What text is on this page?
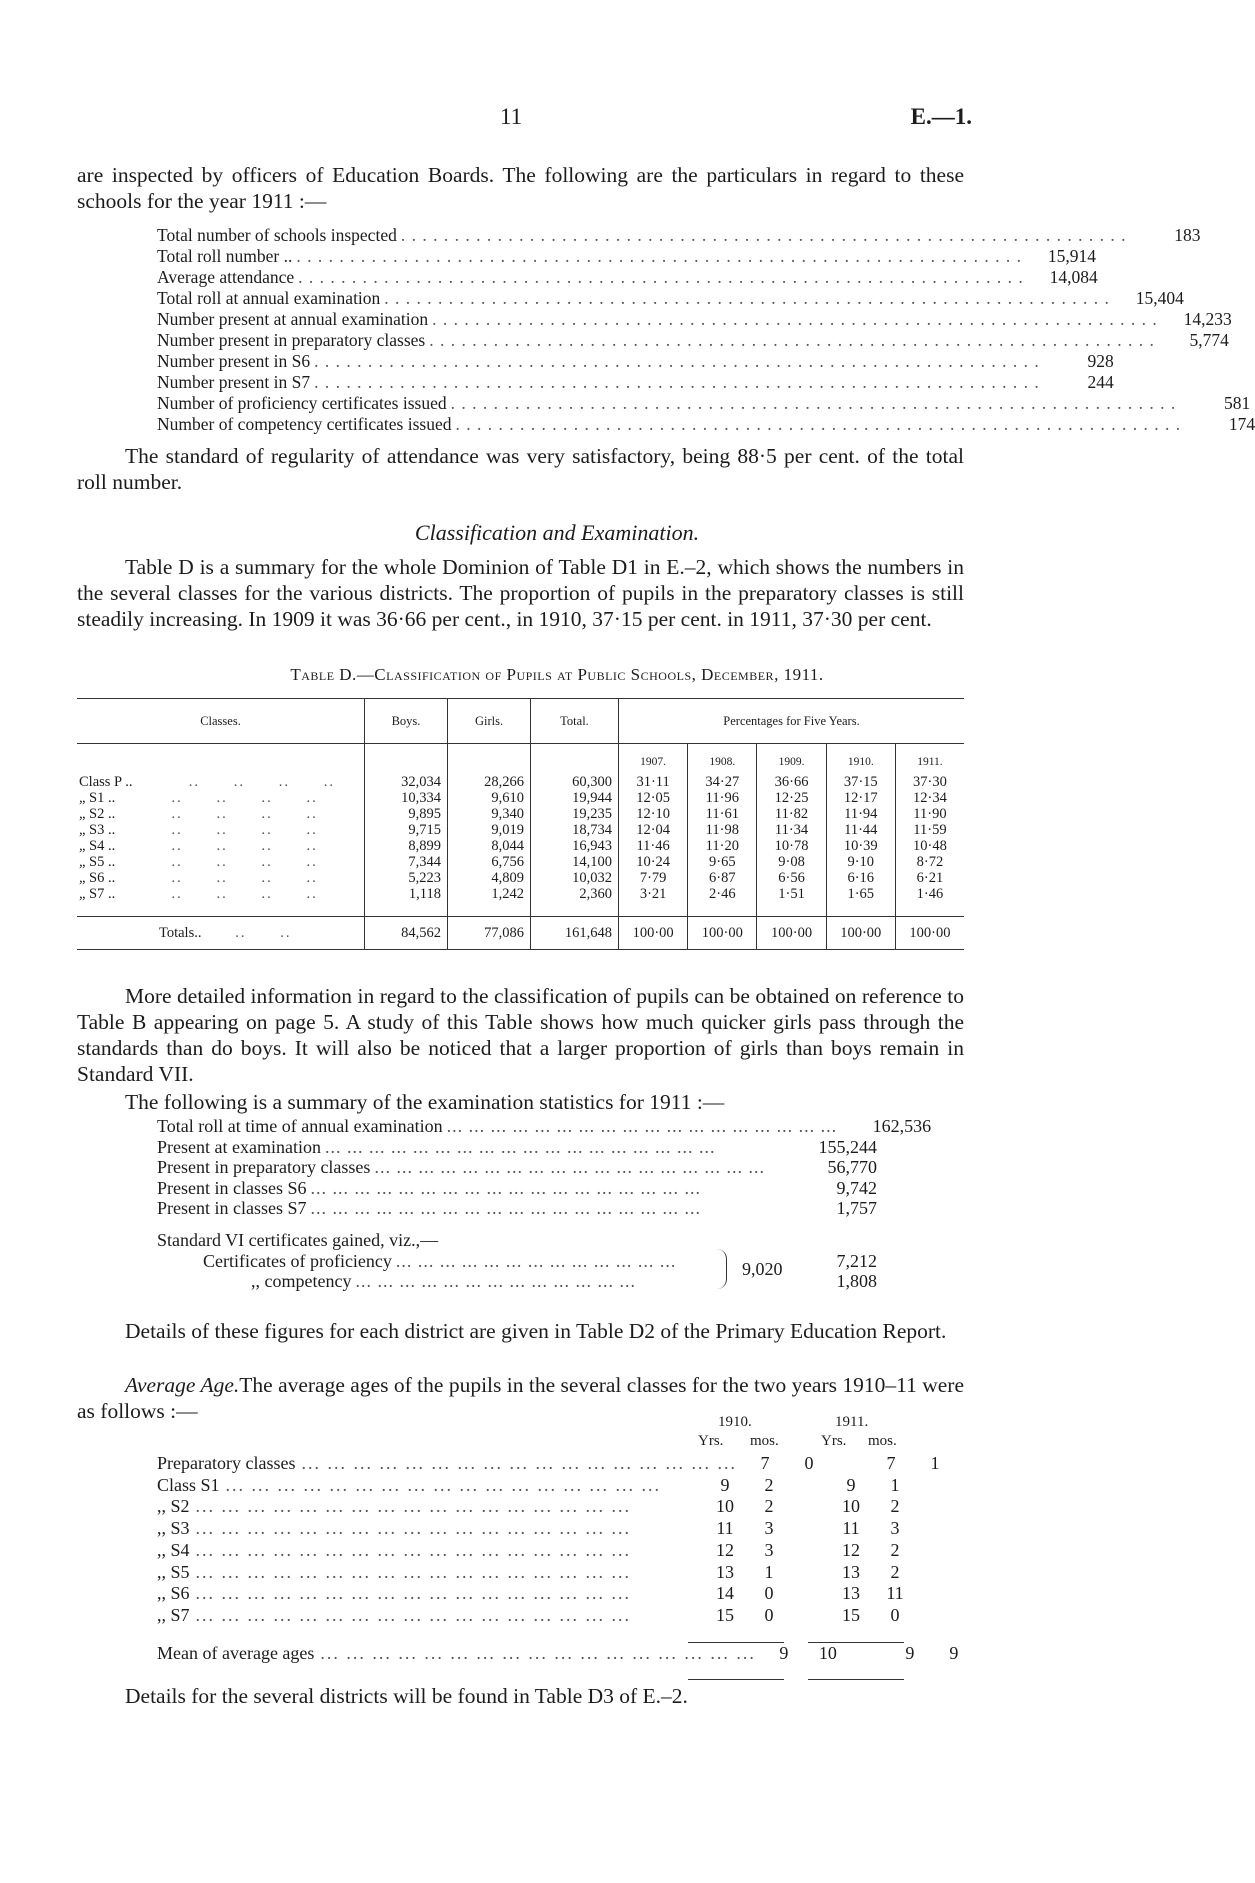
11	E.—1.
are inspected by officers of Education Boards. The following are the particulars in regard to these schools for the year 1911 :—
Total number of schools inspected . . . . . . . . . . . . . . . . . . . . . . . . . . . . . . . . . . . . . . . . . . . . . . . . . . . . . . . . . . . . . . . . . . . .	183
Total roll number .. . . . . . . . . . . . . . . . . . . . . . . . . . . . . . . . . . . . . . . . . . . . . . . . . . . . . . . . . . . . . . . . . . . . .	15,914
Average attendance . . . . . . . . . . . . . . . . . . . . . . . . . . . . . . . . . . . . . . . . . . . . . . . . . . . . . . . . . . . . . . . . . . . .	14,084
Total roll at annual examination . . . . . . . . . . . . . . . . . . . . . . . . . . . . . . . . . . . . . . . . . . . . . . . . . . . . . . . . . . . . . . . . . . . .	15,404
Number present at annual examination . . . . . . . . . . . . . . . . . . . . . . . . . . . . . . . . . . . . . . . . . . . . . . . . . . . . . . . . . . . . . . . . . . . .	14,233
Number present in preparatory classes . . . . . . . . . . . . . . . . . . . . . . . . . . . . . . . . . . . . . . . . . . . . . . . . . . . . . . . . . . . . . . . . . . . .	5,774
Number present in S6 . . . . . . . . . . . . . . . . . . . . . . . . . . . . . . . . . . . . . . . . . . . . . . . . . . . . . . . . . . . . . . . . . . . .	928
Number present in S7 . . . . . . . . . . . . . . . . . . . . . . . . . . . . . . . . . . . . . . . . . . . . . . . . . . . . . . . . . . . . . . . . . . . .	244
Number of proficiency certificates issued . . . . . . . . . . . . . . . . . . . . . . . . . . . . . . . . . . . . . . . . . . . . . . . . . . . . . . . . . . . . . . . . . . . .	581
Number of competency certificates issued . . . . . . . . . . . . . . . . . . . . . . . . . . . . . . . . . . . . . . . . . . . . . . . . . . . . . . . . . . . . . . . . . . . .	174
The standard of regularity of attendance was very satisfactory, being 88·5 per cent. of the total roll number.
Classification and Examination.
Table D is a summary for the whole Dominion of Table D1 in E.–2, which shows the numbers in the several classes for the various districts. The proportion of pupils in the preparatory classes is still steadily increasing. In 1909 it was 36·66 per cent., in 1910, 37·15 per cent. in 1911, 37·30 per cent.
Table D.—Classification of Pupils at Public Schools, December, 1911.
Classes.	Boys.	Girls.	Total.	Percentages for Five Years.				
				1907.	1908.	1909.	1910.	1911.
Class P ..          ..      ..      ..      ..	32,034	28,266	60,300	31·11	34·27	36·66	37·15	37·30
„ S1 ..          ..      ..      ..      ..	10,334	9,610	19,944	12·05	11·96	12·25	12·17	12·34
„ S2 ..          ..      ..      ..      ..	9,895	9,340	19,235	12·10	11·61	11·82	11·94	11·90
„ S3 ..          ..      ..      ..      ..	9,715	9,019	18,734	12·04	11·98	11·34	11·44	11·59
„ S4 ..          ..      ..      ..      ..	8,899	8,044	16,943	11·46	11·20	10·78	10·39	10·48
„ S5 ..          ..      ..      ..      ..	7,344	6,756	14,100	10·24	9·65	9·08	9·10	8·72
„ S6 ..          ..      ..      ..      ..	5,223	4,809	10,032	7·79	6·87	6·56	6·16	6·21
„ S7 ..          ..      ..      ..      ..	1,118	1,242	2,360	3·21	2·46	1·51	1·65	1·46
Totals..      ..      ..	84,562	77,086	161,648	100·00	100·00	100·00	100·00	100·00
More detailed information in regard to the classification of pupils can be obtained on reference to Table B appearing on page 5. A study of this Table shows how much quicker girls pass through the standards than do boys. It will also be noticed that a larger proportion of girls than boys remain in Standard VII.
The following is a summary of the examination statistics for 1911 :—
Total roll at time of annual examination ... ... ... ... ... ... ... ... ... ... ... ... ... ... ... ... ... ...	162,536
Present at examination ... ... ... ... ... ... ... ... ... ... ... ... ... ... ... ... ... ...	155,244
Present in preparatory classes ... ... ... ... ... ... ... ... ... ... ... ... ... ... ... ... ... ...	56,770
Present in classes S6 ... ... ... ... ... ... ... ... ... ... ... ... ... ... ... ... ... ...	9,742
Present in classes S7 ... ... ... ... ... ... ... ... ... ... ... ... ... ... ... ... ... ...	1,757
Standard VI certificates gained, viz.,—
Certificates of proficiency ... ... ... ... ... ... ... ... ... ... ... ... ...	7,212
,, competency ... ... ... ... ... ... ... ... ... ... ... ... ...	1,808
9,020
Details of these figures for each district are given in Table D2 of the Primary Education Report.
Average Age.The average ages of the pupils in the several classes for the two years 1910–11 were as follows :—	1910.	1911.
Yrs. mos.	Yrs. mos.
Preparatory classes ... ... ... ... ... ... ... ... ... ... ... ... ... ... ... ... ...	7	0	7	1
Class S1 ... ... ... ... ... ... ... ... ... ... ... ... ... ... ... ... ...	9	2	9	1
,, S2 ... ... ... ... ... ... ... ... ... ... ... ... ... ... ... ... ...	10	2	10	2
,, S3 ... ... ... ... ... ... ... ... ... ... ... ... ... ... ... ... ...	11	3	11	3
,, S4 ... ... ... ... ... ... ... ... ... ... ... ... ... ... ... ... ...	12	3	12	2
,, S5 ... ... ... ... ... ... ... ... ... ... ... ... ... ... ... ... ...	13	1	13	2
,, S6 ... ... ... ... ... ... ... ... ... ... ... ... ... ... ... ... ...	14	0	13	11
,, S7 ... ... ... ... ... ... ... ... ... ... ... ... ... ... ... ... ...	15	0	15	0
Mean of average ages ... ... ... ... ... ... ... ... ... ... ... ... ... ... ... ... ...	9	10	9	9
Details for the several districts will be found in Table D3 of E.–2.
